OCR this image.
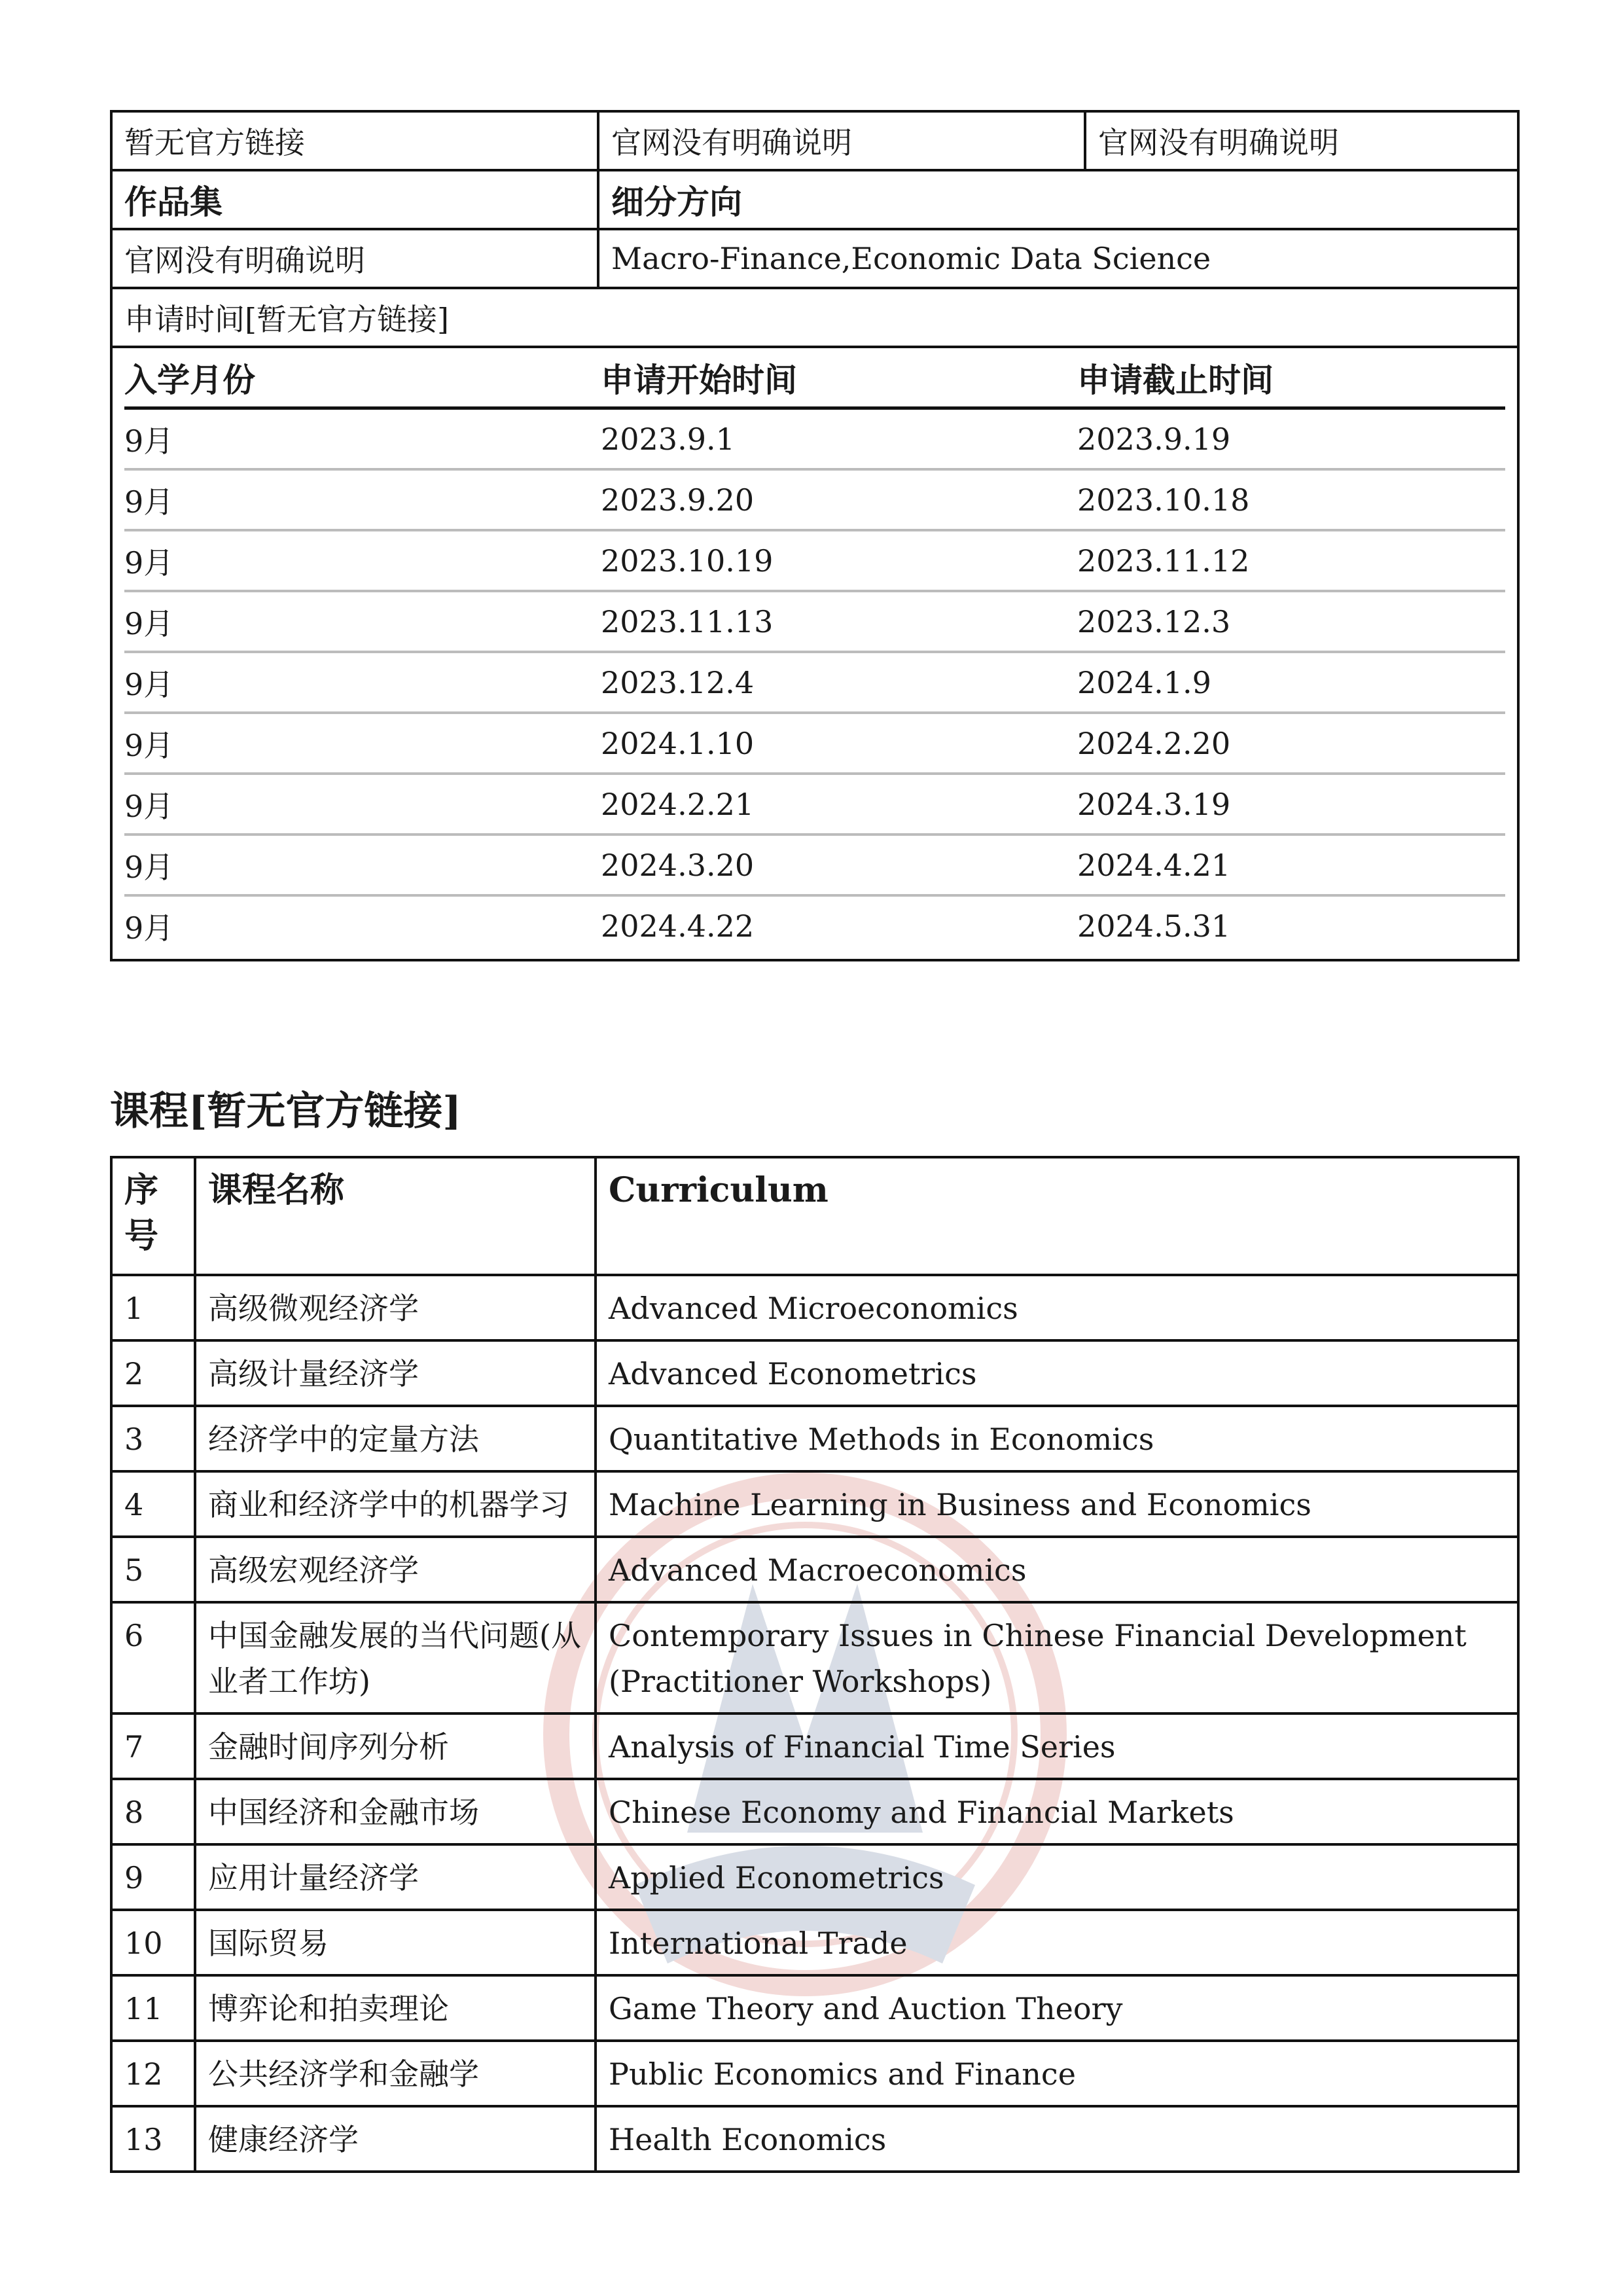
暂无官方链接	官网没有明确说明	官网没有明确说明
作品集	细分方向
官网没有明确说明	Macro-Finance,Economic Data Science
申请时间[暂无官方链接]

入学月份	申请开始时间	申请截止时间
9月	2023.9.1	2023.9.19
9月	2023.9.20	2023.10.18
9月	2023.10.19	2023.11.12
9月	2023.11.13	2023.12.3
9月	2023.12.4	2024.1.9
9月	2024.1.10	2024.2.20
9月	2024.2.21	2024.3.19
9月	2024.3.20	2024.4.21
9月	2024.4.22	2024.5.31
课程[暂无官方链接]
序号	课程名称	Curriculum
1	高级微观经济学	Advanced Microeconomics
2	高级计量经济学	Advanced Econometrics
3	经济学中的定量方法	Quantitative Methods in Economics
4	商业和经济学中的机器学习	Machine Learning in Business and Economics
5	高级宏观经济学	Advanced Macroeconomics
6	中国金融发展的当代问题(从业者工作坊)	Contemporary Issues in Chinese Financial Development (Practitioner Workshops)
7	金融时间序列分析	Analysis of Financial Time Series
8	中国经济和金融市场	Chinese Economy and Financial Markets
9	应用计量经济学	Applied Econometrics
10	国际贸易	International Trade
11	博弈论和拍卖理论	Game Theory and Auction Theory
12	公共经济学和金融学	Public Economics and Finance
13	健康经济学	Health Economics
